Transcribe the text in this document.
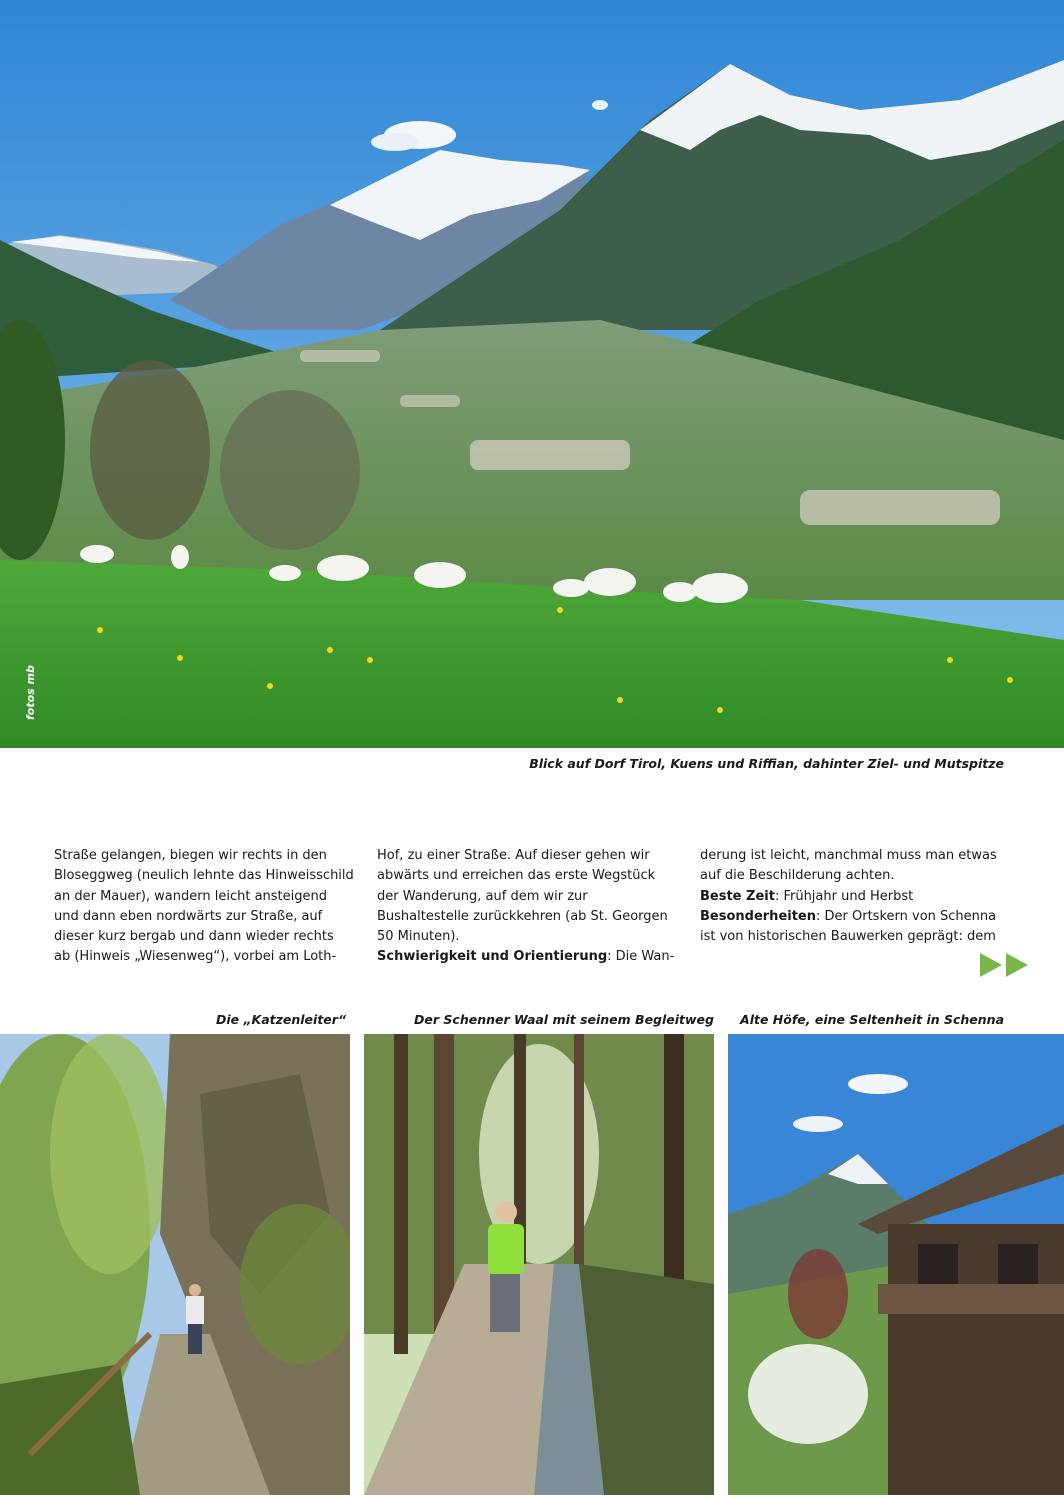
fotos mb
Blick auf Dorf Tirol, Kuens und Riffian, dahinter Ziel- und Mutspitze

Straße gelangen, biegen wir rechts in den Bloseggweg (neulich lehnte das Hinweisschild an der Mauer), wandern leicht ansteigend und dann eben nordwärts zur Straße, auf dieser kurz bergab und dann wieder rechts ab (Hinweis „Wiesenweg“), vorbei am Loth-

Hof, zu einer Straße. Auf dieser gehen wir abwärts und erreichen das erste Wegstück der Wanderung, auf dem wir zur Bushaltestelle zurückkehren (ab St. Georgen 50 Minuten).

Schwierigkeit und Orientierung: Die Wan-

derung ist leicht, manchmal muss man etwas auf die Beschilderung achten.

Beste Zeit: Frühjahr und Herbst

Besonderheiten: Der Ortskern von Schenna ist von historischen Bauwerken geprägt: dem

Die „Katzenleiter“	Der Schenner Waal mit seinem Begleitweg Alte Höfe, eine Seltenheit in Schenna
